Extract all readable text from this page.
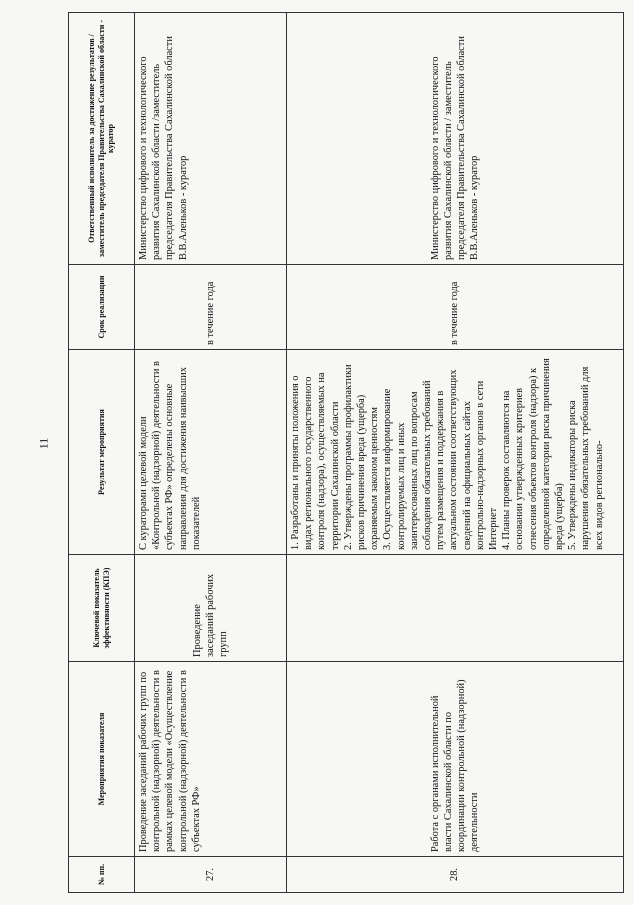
11
№ пп.	Мероприятия показателя	Ключевой показатель эффективности (КПЭ)	Результат мероприятия	Срок реализации	Ответственный исполнитель за достижение результатов / заместитель председателя Правительства Сахалинской области - куратор
27.	Проведение заседаний рабочих групп по контрольной (надзорной) деятельности в рамках целевой модели «Осуществление контрольной (надзорной) деятельности в субъектах РФ»	Проведение заседаний рабочих групп	С кураторами целевой модели «Контрольной (надзорной) деятельности в субъектах РФ» определены основные направления для достижения наивысших показателей	в течение года	Министерство цифрового и технологического развития Сахалинской области /заместитель председателя Правительства Сахалинской области В.В.Аленьков - куратор
28.	Работа с органами исполнительной власти Сахалинской области по координации контрольной (надзорной) деятельности		1. Разработаны и приняты положения о видах регионального государственного контроля (надзора), осуществляемых на территории Сахалинской области 2. Утверждены программы профилактики рисков причинения вреда (ущерба) охраняемым законом ценностям 3. Осуществляется информирование контролируемых лиц и иных заинтересованных лиц по вопросам соблюдения обязательных требований путем размещения и поддержания в актуальном состоянии соответствующих сведений на официальных сайтах контрольно-надзорных органов в сети Интернет 4. Планы проверок составляются на основании утвержденных критериев отнесения объектов контроля (надзора) к определенной категории риска причинения вреда (ущерба) 5. Утверждены индикаторы риска нарушения обязательных требований для всех видов регионально-	в течение года	Министерство цифрового и технологического развития Сахалинской области / заместитель председателя Правительства Сахалинской области В.В.Аленьков - куратор
